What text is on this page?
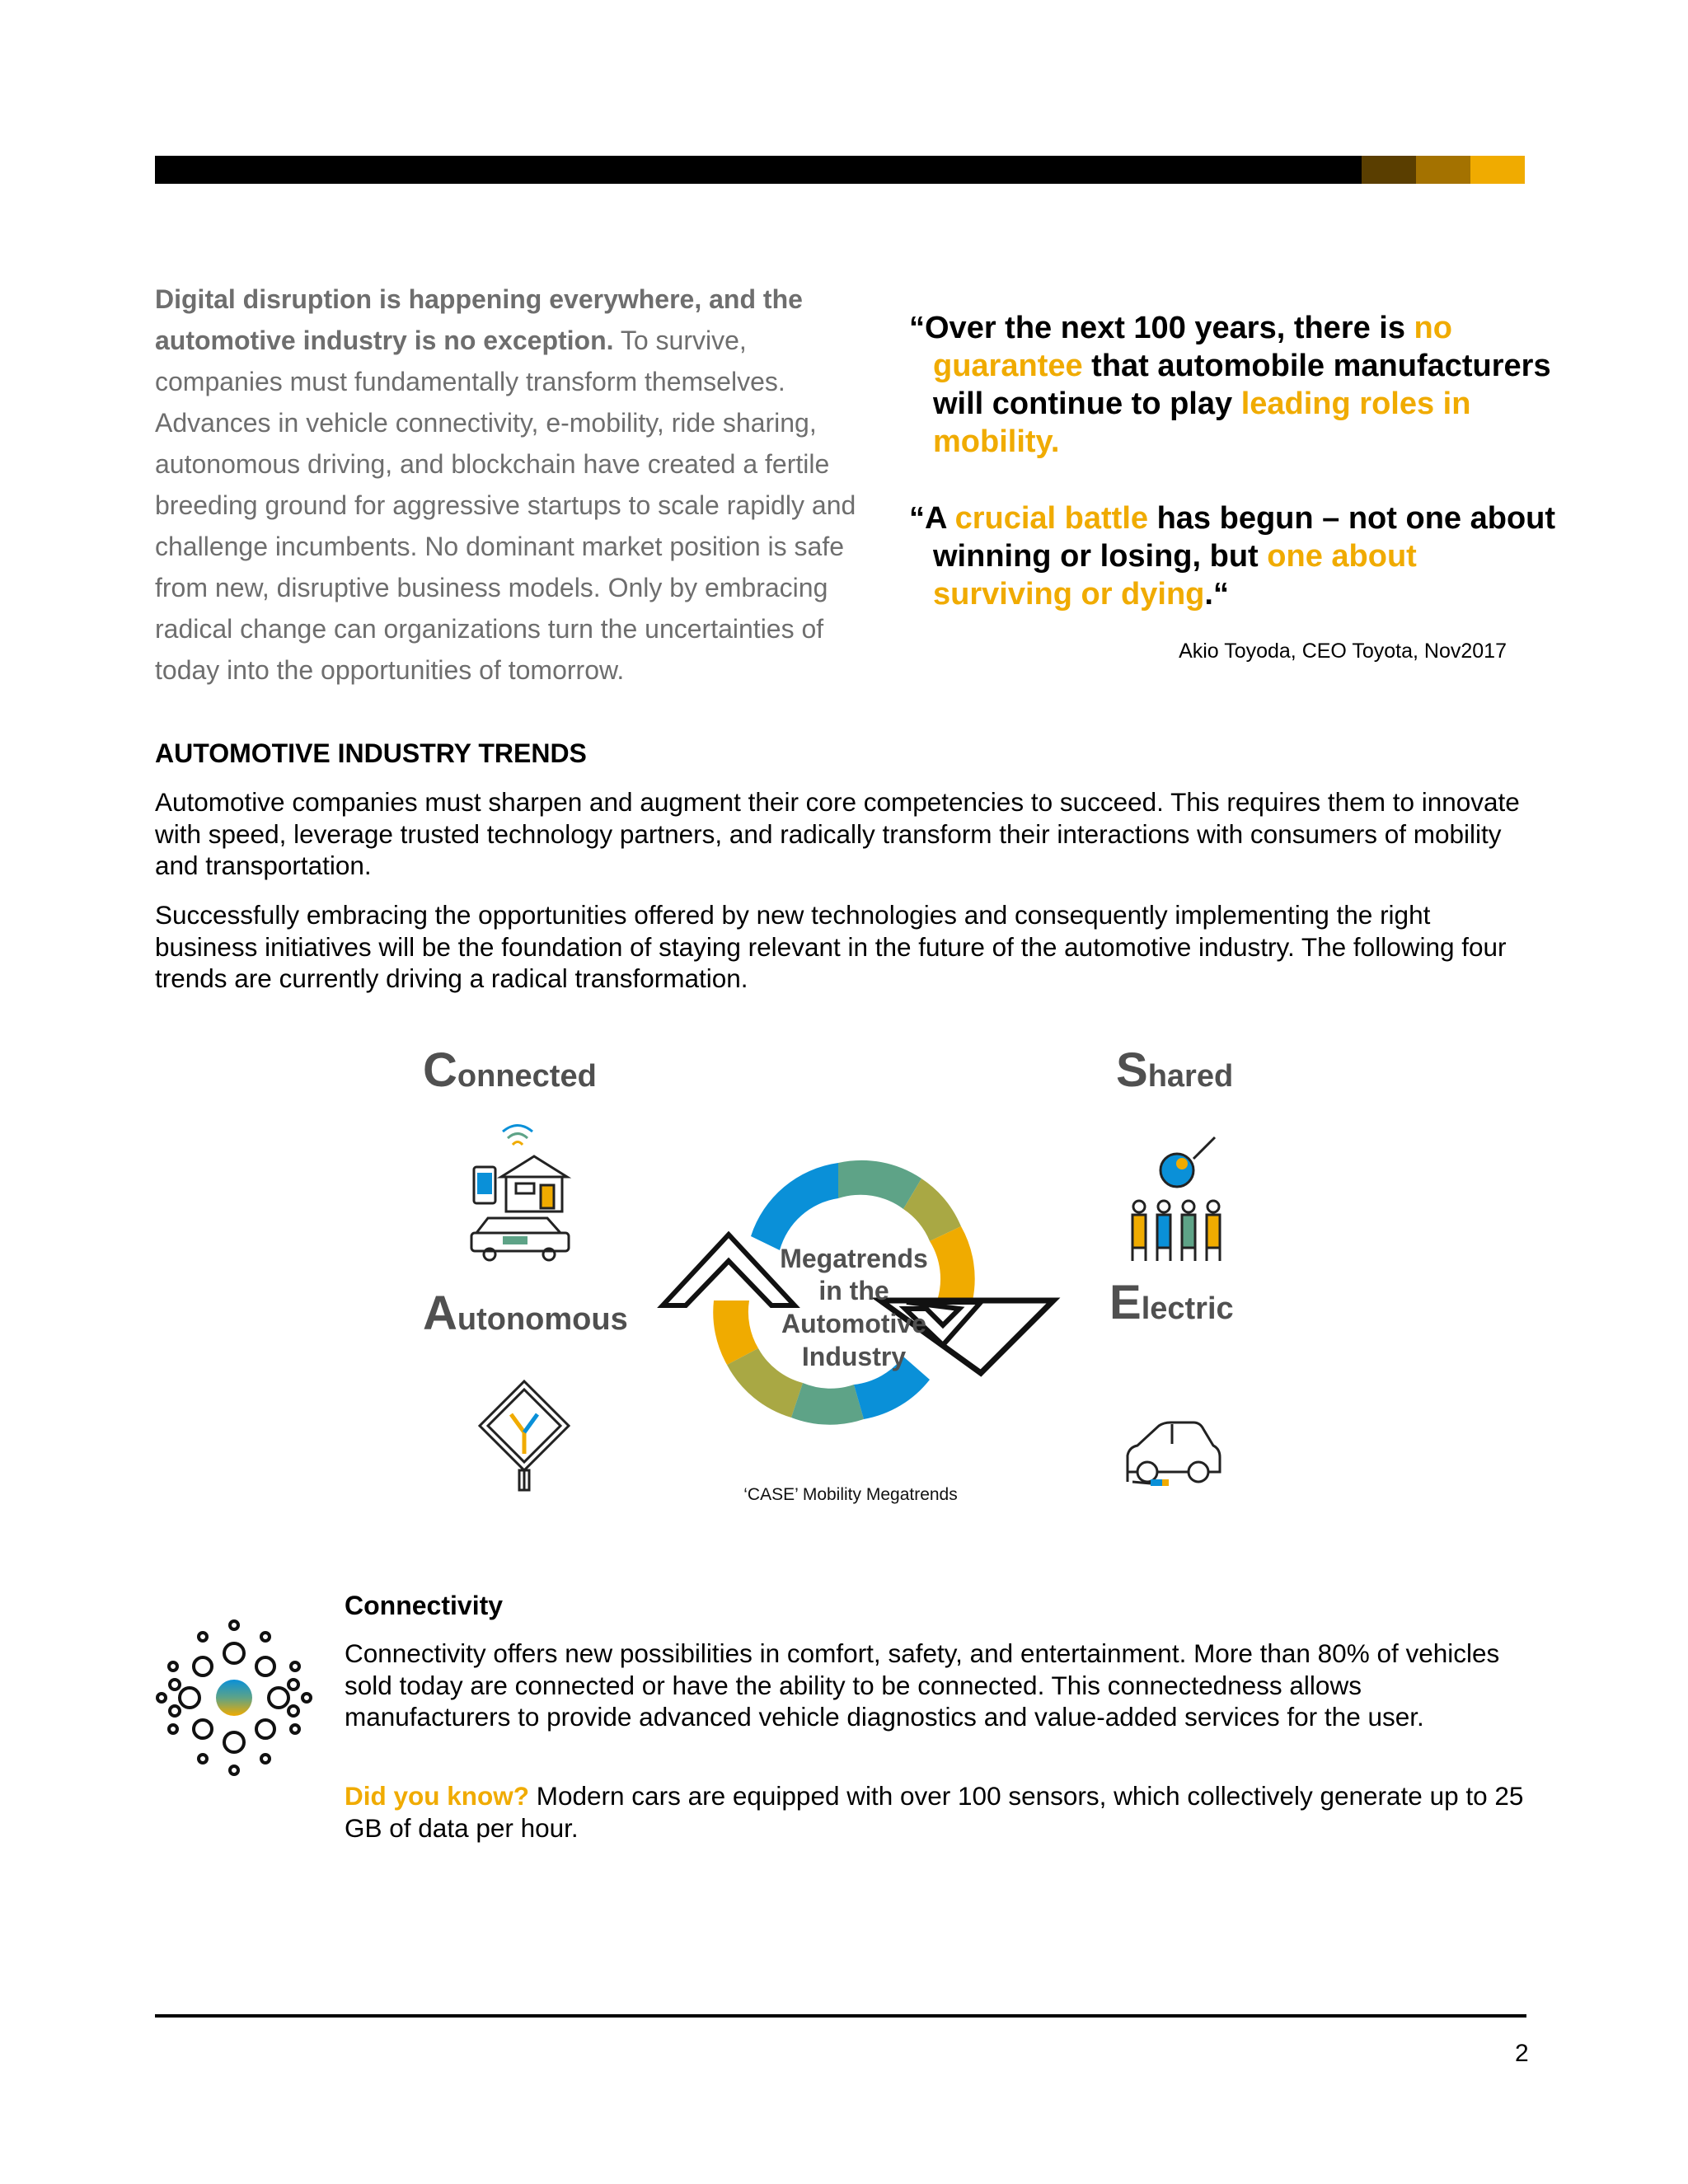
Digital disruption is happening everywhere, and the automotive industry is no exception. To survive, companies must fundamentally transform themselves. Advances in vehicle connectivity, e-mobility, ride sharing, autonomous driving, and blockchain have created a fertile breeding ground for aggressive startups to scale rapidly and challenge incumbents. No dominant market position is safe from new, disruptive business models. Only by embracing radical change can organizations turn the uncertainties of today into the opportunities of tomorrow.
“Over the next 100 years, there is no guarantee that automobile manufacturers will continue to play leading roles in mobility.
“A crucial battle has begun – not one about winning or losing, but one about surviving or dying.“
Akio Toyoda, CEO Toyota, Nov2017
AUTOMOTIVE INDUSTRY TRENDS
Automotive companies must sharpen and augment their core competencies to succeed. This requires them to innovate with speed, leverage trusted technology partners, and radically transform their interactions with consumers of mobility and transportation.
Successfully embracing the opportunities offered by new technologies and consequently implementing the right business initiatives will be the foundation of staying relevant in the future of the automotive industry. The following four trends are currently driving a radical transformation.
Connected	Shared
Autonomous	Electric
Megatrends
in the
Automotive
Industry
‘CASE’ Mobility Megatrends
Connectivity
Connectivity offers new possibilities in comfort, safety, and entertainment. More than 80% of vehicles sold today are connected or have the ability to be connected. This connectedness allows manufacturers to provide advanced vehicle diagnostics and value-added services for the user.
Did you know? Modern cars are equipped with over 100 sensors, which collectively generate up to 25 GB of data per hour.
2
